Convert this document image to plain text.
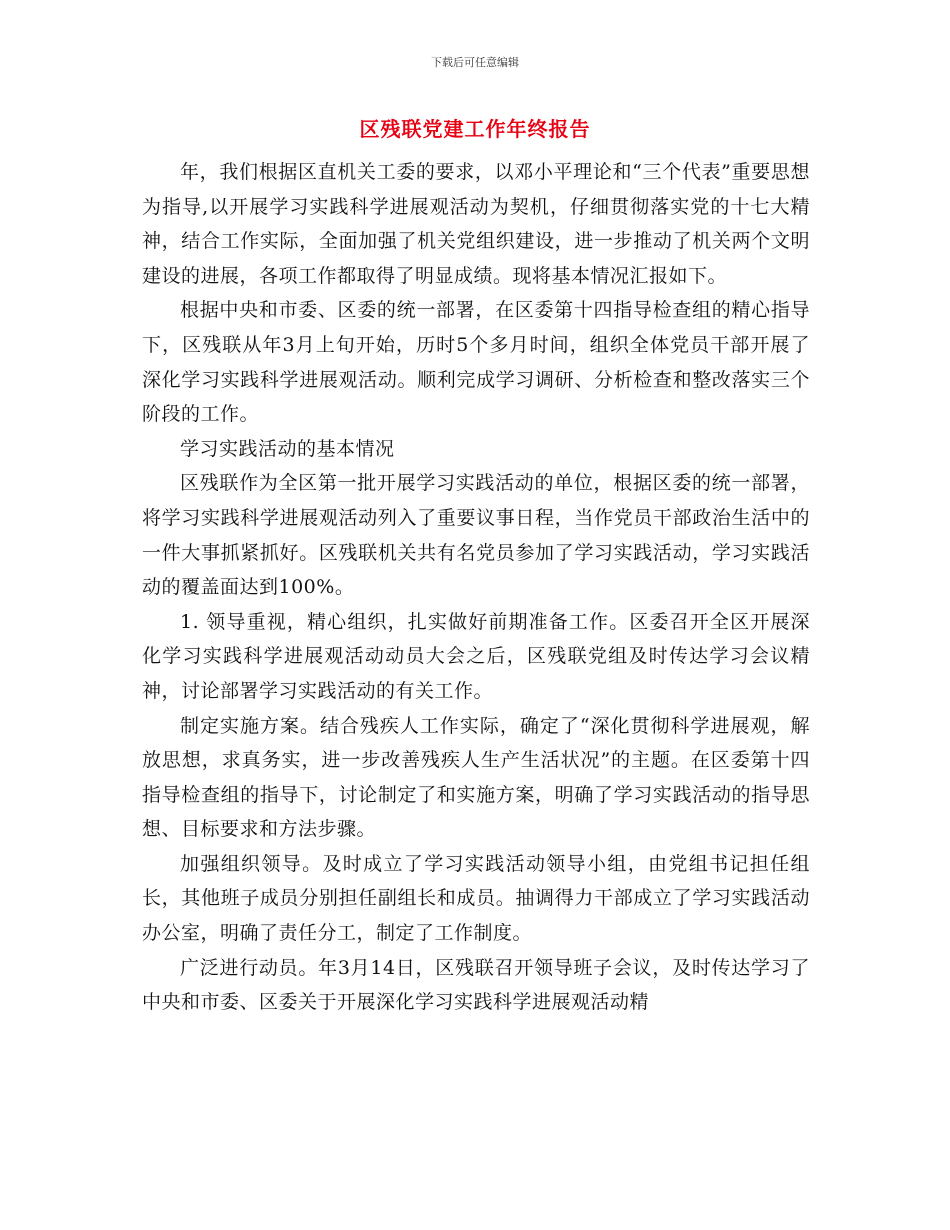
下载后可任意编辑
区残联党建工作年终报告

年，我们根据区直机关工委的要求，以邓小平理论和“三个代表”重要思想为指导,以开展学习实践科学进展观活动为契机，仔细贯彻落实党的十七大精神，结合工作实际，全面加强了机关党组织建设，进一步推动了机关两个文明建设的进展，各项工作都取得了明显成绩。现将基本情况汇报如下。

根据中央和市委、区委的统一部署，在区委第十四指导检查组的精心指导下，区残联从年3月上旬开始，历时5个多月时间，组织全体党员干部开展了深化学习实践科学进展观活动。顺利完成学习调研、分析检查和整改落实三个阶段的工作。

学习实践活动的基本情况

区残联作为全区第一批开展学习实践活动的单位，根据区委的统一部署，将学习实践科学进展观活动列入了重要议事日程，当作党员干部政治生活中的一件大事抓紧抓好。区残联机关共有名党员参加了学习实践活动，学习实践活动的覆盖面达到100%。

1. 领导重视，精心组织，扎实做好前期准备工作。区委召开全区开展深化学习实践科学进展观活动动员大会之后，区残联党组及时传达学习会议精神，讨论部署学习实践活动的有关工作。

制定实施方案。结合残疾人工作实际，确定了“深化贯彻科学进展观，解放思想，求真务实，进一步改善残疾人生产生活状况”的主题。在区委第十四指导检查组的指导下，讨论制定了和实施方案，明确了学习实践活动的指导思想、目标要求和方法步骤。

加强组织领导。及时成立了学习实践活动领导小组，由党组书记担任组长，其他班子成员分别担任副组长和成员。抽调得力干部成立了学习实践活动办公室，明确了责任分工，制定了工作制度。

广泛进行动员。年3月14日，区残联召开领导班子会议，及时传达学习了中央和市委、区委关于开展深化学习实践科学进展观活动精
